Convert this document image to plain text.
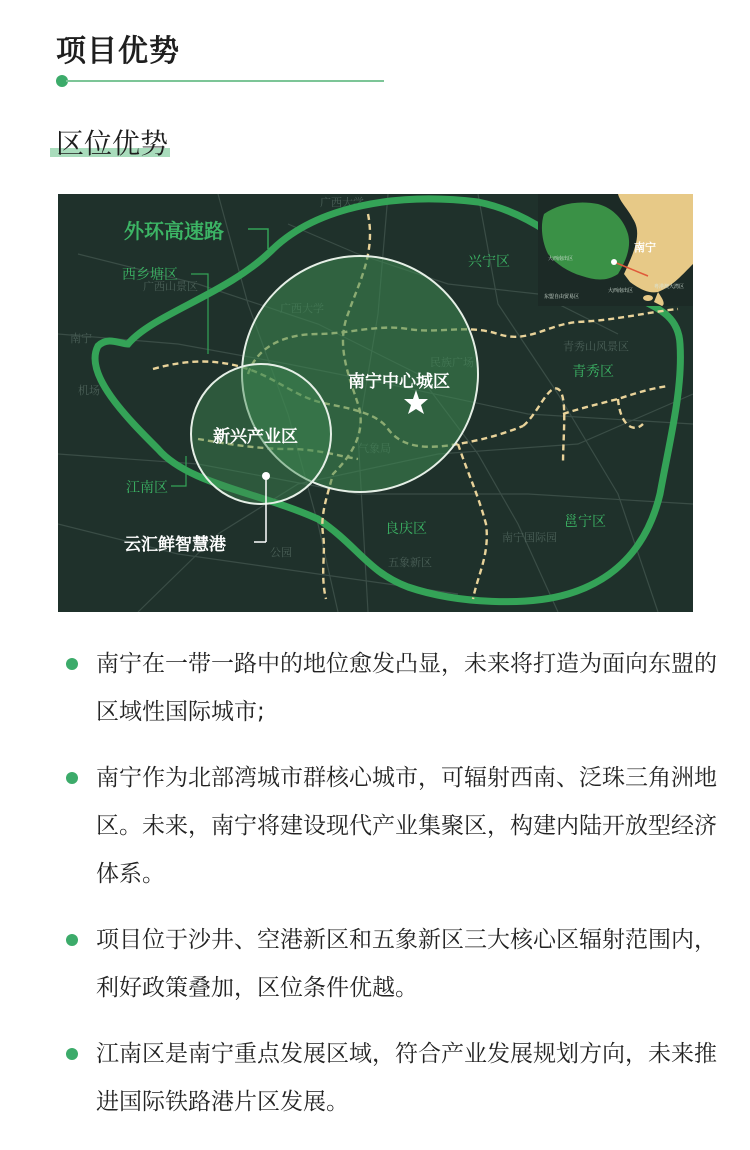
项目优势
区位优势
广西大学
广西山景区
青秀山风景区
南宁国际园
五象新区
南宁
机场
公园
外环高速路
西乡塘区
兴宁区
青秀区
江南区
良庆区	邕宁区
南宁中心城区
新兴产业区
云汇鲜智慧港
南宁
大西南出区
大西南出区
东盟自由贸易区
粤港澳大湾区
南宁在一带一路中的地位愈发凸显，未来将打造为面向东盟的区域性国际城市;
南宁作为北部湾城市群核心城市，可辐射西南、泛珠三角洲地区。未来，南宁将建设现代产业集聚区，构建内陆开放型经济体系。
项目位于沙井、空港新区和五象新区三大核心区辐射范围内，利好政策叠加，区位条件优越。
江南区是南宁重点发展区域，符合产业发展规划方向，未来推进国际铁路港片区发展。
